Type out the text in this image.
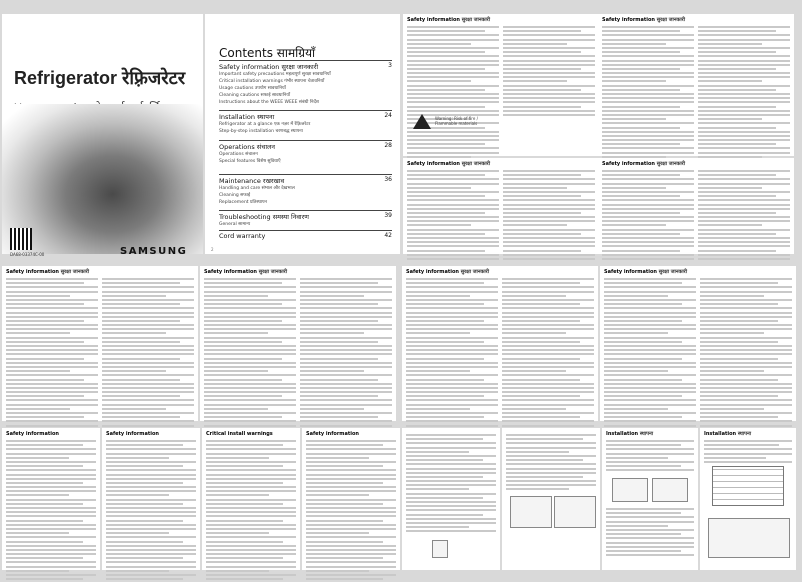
Refrigerator रेफ़्रिजरेटर
DA68-03374C-00	SAMSUNG
Contents सामग्रियाँ
Safety information सुरक्षा जानकारी	3
Important safety precautions महत्वपूर्ण सुरक्षा सावधानियाँ
Critical installation warnings गंभीर स्थापना चेतावनियाँ
Usage cautions उपयोग सावधानियाँ
Cleaning cautions सफाई सावधानियाँ
Instructions about the WEEE WEEE संबंधी निर्देश
Installation स्थापना	24
Refrigerator at a glance एक नज़र में रेफ़्रिजरेटर
Step-by-step installation चरणबद्ध स्थापना
Operations संचालन	28
Operations संचालन
Special features विशेष सुविधाएँ
Maintenance रखरखाव	36
Handling and care संभाल और देखभाल
Cleaning सफाई
Replacement प्रतिस्थापन
Troubleshooting समस्या निवारण	39
General सामान्य
Cord warranty	42
2
Safety information सुरक्षा जानकारी
Warning: Risk of fire / Flammable materials
Safety information सुरक्षा जानकारी
Safety information सुरक्षा जानकारी	Safety information सुरक्षा जानकारी
Safety information सुरक्षा जानकारी	Safety information सुरक्षा जानकारी	Safety information सुरक्षा जानकारी	Safety information सुरक्षा जानकारी
Safety information	Safety information	Critical install warnings	Safety information	Installation स्थापना	Installation स्थापना
